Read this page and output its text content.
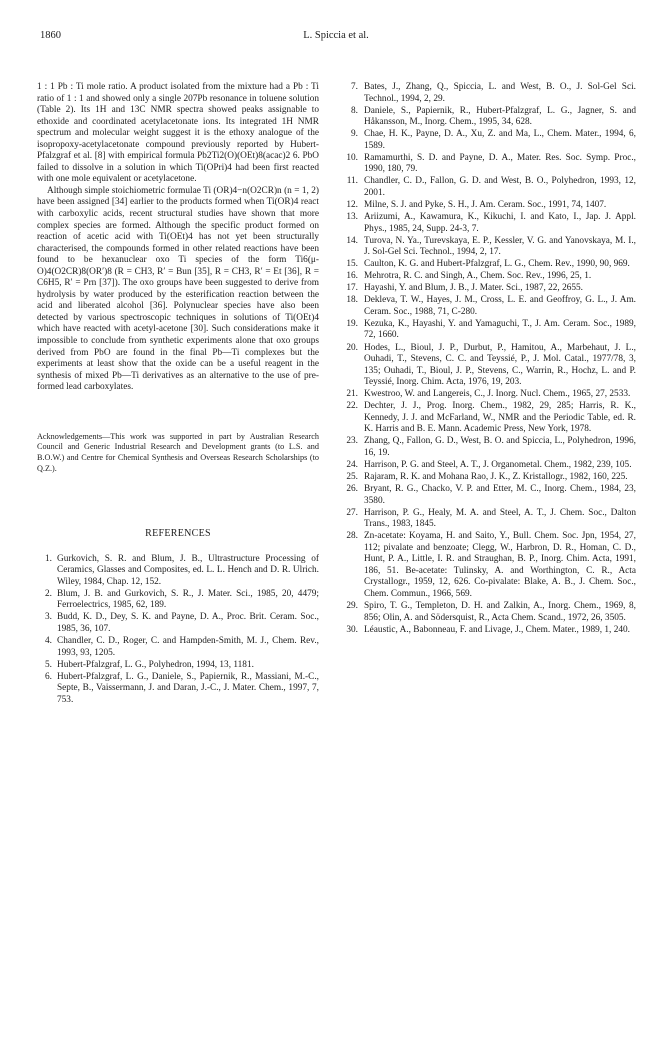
1860	L. Spiccia et al.

1 : 1 Pb : Ti mole ratio. A product isolated from the mixture had a Pb : Ti ratio of 1 : 1 and showed only a single 207Pb resonance in toluene solution (Table 2). Its 1H and 13C NMR spectra showed peaks assignable to ethoxide and coordinated acetylacetonate ions. Its integrated 1H NMR spectrum and molecular weight suggest it is the ethoxy analogue of the isopropoxy-acetylacetonate compound previously reported by Hubert-Pfalzgraf et al. [8] with empirical formula Pb2Ti2(O)(OEt)8(acac)2 6. PbO failed to dissolve in a solution in which Ti(OPri)4 had been first reacted with one mole equivalent or acetylacetone.

Although simple stoichiometric formulae Ti (OR)4−n(O2CR)n (n = 1, 2) have been assigned [34] earlier to the products formed when Ti(OR)4 react with carboxylic acids, recent structural studies have shown that more complex species are formed. Although the specific product formed on reaction of acetic acid with Ti(OEt)4 has not yet been structurally characterised, the compounds formed in other related reactions have been found to be hexanuclear oxo Ti species of the form Ti6(μ-O)4(O2CR)8(OR′)8 (R = CH3, R′ = Bun [35], R = CH3, R′ = Et [36], R = C6H5, R′ = Prn [37]). The oxo groups have been suggested to derive from hydrolysis by water produced by the esterification reaction between the acid and liberated alcohol [36]. Polynuclear species have also been detected by various spectroscopic techniques in solutions of Ti(OEt)4 which have reacted with acetyl-acetone [30]. Such considerations make it impossible to conclude from synthetic experiments alone that oxo groups derived from PbO are found in the final Pb—Ti complexes but the experiments at least show that the oxide can be a useful reagent in the synthesis of mixed Pb—Ti derivatives as an alternative to the use of pre-formed lead carboxylates.

Acknowledgements—This work was supported in part by Australian Research Council and Generic Industrial Research and Development grants (to L.S. and B.O.W.) and Centre for Chemical Synthesis and Overseas Research Scholarships (to Q.Z.).

REFERENCES
1. Gurkovich, S. R. and Blum, J. B., Ultrastructure Processing of Ceramics, Glasses and Composites, ed. L. L. Hench and D. R. Ulrich. Wiley, 1984, Chap. 12, 152.
2. Blum, J. B. and Gurkovich, S. R., J. Mater. Sci., 1985, 20, 4479; Ferroelectrics, 1985, 62, 189.
3. Budd, K. D., Dey, S. K. and Payne, D. A., Proc. Brit. Ceram. Soc., 1985, 36, 107.
4. Chandler, C. D., Roger, C. and Hampden-Smith, M. J., Chem. Rev., 1993, 93, 1205.
5. Hubert-Pfalzgraf, L. G., Polyhedron, 1994, 13, 1181.
6. Hubert-Pfalzgraf, L. G., Daniele, S., Papiernik, R., Massiani, M.-C., Septe, B., Vaissermann, J. and Daran, J.-C., J. Mater. Chem., 1997, 7, 753.
7. Bates, J., Zhang, Q., Spiccia, L. and West, B. O., J. Sol-Gel Sci. Technol., 1994, 2, 29.
8. Daniele, S., Papiernik, R., Hubert-Pfalzgraf, L. G., Jagner, S. and Håkansson, M., Inorg. Chem., 1995, 34, 628.
9. Chae, H. K., Payne, D. A., Xu, Z. and Ma, L., Chem. Mater., 1994, 6, 1589.
10. Ramamurthi, S. D. and Payne, D. A., Mater. Res. Soc. Symp. Proc., 1990, 180, 79.
11. Chandler, C. D., Fallon, G. D. and West, B. O., Polyhedron, 1993, 12, 2001.
12. Milne, S. J. and Pyke, S. H., J. Am. Ceram. Soc., 1991, 74, 1407.
13. Ariizumi, A., Kawamura, K., Kikuchi, I. and Kato, I., Jap. J. Appl. Phys., 1985, 24, Supp. 24-3, 7.
14. Turova, N. Ya., Turevskaya, E. P., Kessler, V. G. and Yanovskaya, M. I., J. Sol-Gel Sci. Technol., 1994, 2, 17.
15. Caulton, K. G. and Hubert-Pfalzgraf, L. G., Chem. Rev., 1990, 90, 969.
16. Mehrotra, R. C. and Singh, A., Chem. Soc. Rev., 1996, 25, 1.
17. Hayashi, Y. and Blum, J. B., J. Mater. Sci., 1987, 22, 2655.
18. Dekleva, T. W., Hayes, J. M., Cross, L. E. and Geoffroy, G. L., J. Am. Ceram. Soc., 1988, 71, C-280.
19. Kezuka, K., Hayashi, Y. and Yamaguchi, T., J. Am. Ceram. Soc., 1989, 72, 1660.
20. Hodes, L., Bioul, J. P., Durbut, P., Hamitou, A., Marbehaut, J. L., Ouhadi, T., Stevens, C. C. and Teyssié, P., J. Mol. Catal., 1977/78, 3, 135; Ouhadi, T., Bioul, J. P., Stevens, C., Warrin, R., Hochz, L. and P. Teyssié, Inorg. Chim. Acta, 1976, 19, 203.
21. Kwestroo, W. and Langereis, C., J. Inorg. Nucl. Chem., 1965, 27, 2533.
22. Dechter, J. J., Prog. Inorg. Chem., 1982, 29, 285; Harris, R. K., Kennedy, J. J. and McFarland, W., NMR and the Periodic Table, ed. R. K. Harris and B. E. Mann. Academic Press, New York, 1978.
23. Zhang, Q., Fallon, G. D., West, B. O. and Spiccia, L., Polyhedron, 1996, 16, 19.
24. Harrison, P. G. and Steel, A. T., J. Organometal. Chem., 1982, 239, 105.
25. Rajaram, R. K. and Mohana Rao, J. K., Z. Kristallogr., 1982, 160, 225.
26. Bryant, R. G., Chacko, V. P. and Etter, M. C., Inorg. Chem., 1984, 23, 3580.
27. Harrison, P. G., Healy, M. A. and Steel, A. T., J. Chem. Soc., Dalton Trans., 1983, 1845.
28. Zn-acetate: Koyama, H. and Saito, Y., Bull. Chem. Soc. Jpn, 1954, 27, 112; pivalate and benzoate; Clegg, W., Harbron, D. R., Homan, C. D., Hunt, P. A., Little, I. R. and Straughan, B. P., Inorg. Chim. Acta, 1991, 186, 51. Be-acetate: Tulinsky, A. and Worthington, C. R., Acta Crystallogr., 1959, 12, 626. Co-pivalate: Blake, A. B., J. Chem. Soc., Chem. Commun., 1966, 569.
29. Spiro, T. G., Templeton, D. H. and Zalkin, A., Inorg. Chem., 1969, 8, 856; Olin, A. and Södersquist, R., Acta Chem. Scand., 1972, 26, 3505.
30. Léaustic, A., Babonneau, F. and Livage, J., Chem. Mater., 1989, 1, 240.
